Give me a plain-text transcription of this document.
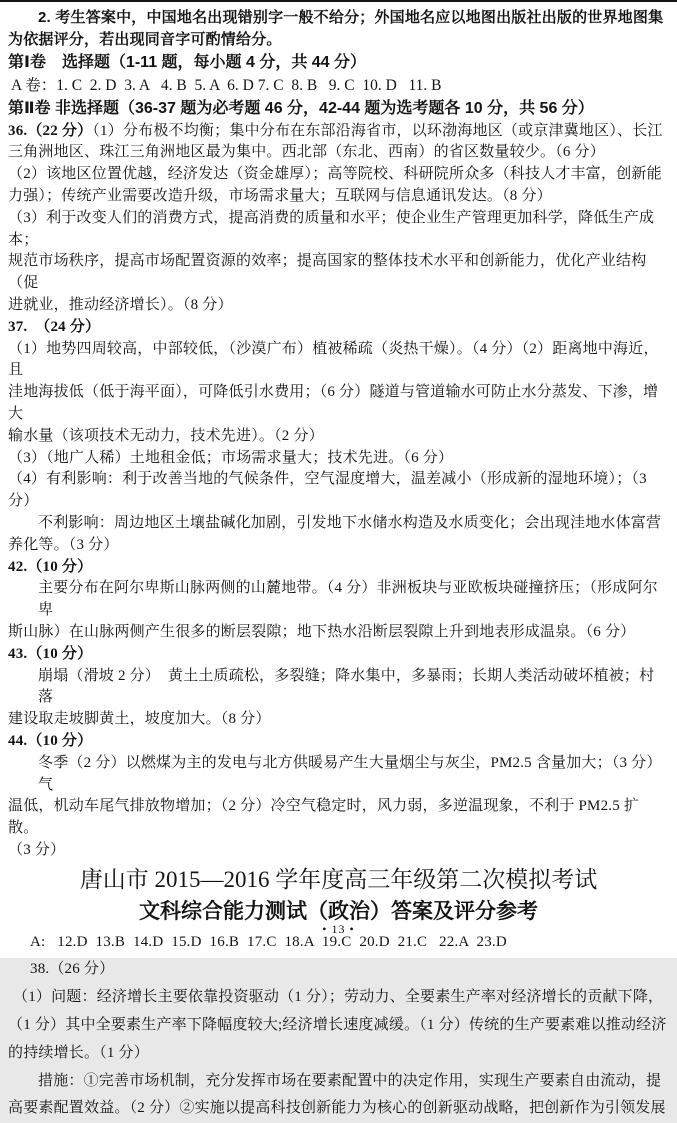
2. 考生答案中，中国地名出现错别字一般不给分；外国地名应以地图出版社出版的世界地图集
为依据评分，若出现同音字可酌情给分。
第Ⅰ卷　选择题（1-11 题，每小题 4 分，共 44 分）
A 卷：1. C  2. D  3. A   4. B  5. A  6. D 7. C  8. B   9. C  10. D   11. B
第Ⅱ卷 非选择题（36-37 题为必考题 46 分，42-44 题为选考题各 10 分，共 56 分）
36.（22 分）（1）分布极不均衡；集中分布在东部沿海省市，以环渤海地区（或京津冀地区）、长江
三角洲地区、珠江三角洲地区最为集中。西北部（东北、西南）的省区数量较少。（6 分）
（2）该地区位置优越，经济发达（资金雄厚）；高等院校、科研院所众多（科技人才丰富，创新能
力强）；传统产业需要改造升级，市场需求量大；互联网与信息通讯发达。（8 分）
（3）利于改变人们的消费方式，提高消费的质量和水平；使企业生产管理更加科学，降低生产成本；
规范市场秩序，提高市场配置资源的效率；提高国家的整体技术水平和创新能力，优化产业结构（促
进就业，推动经济增长）。（8 分）
37.  （24 分）
（1）地势四周较高，中部较低，（沙漠广布）植被稀疏（炎热干燥）。（4 分）（2）距离地中海近，且
洼地海拔低（低于海平面），可降低引水费用；（6 分）隧道与管道输水可防止水分蒸发、下渗，增大
输水量（该项技术无动力，技术先进）。（2 分）
（3）（地广人稀）土地租金低；市场需求量大；技术先进。（6 分）
（4）有利影响：利于改善当地的气候条件，空气湿度增大，温差减小（形成新的湿地环境）；（3 分）
不利影响：周边地区土壤盐碱化加剧，引发地下水储水构造及水质变化；会出现洼地水体富营
养化等。（3 分）
42.（10 分）
主要分布在阿尔卑斯山脉两侧的山麓地带。（4 分）非洲板块与亚欧板块碰撞挤压；（形成阿尔卑
斯山脉）在山脉两侧产生很多的断层裂隙；地下热水沿断层裂隙上升到地表形成温泉。（6 分）
43.（10 分）
崩塌（滑坡 2 分）  黄土土质疏松，多裂缝；降水集中，多暴雨；长期人类活动破坏植被；村落
建设取走坡脚黄土，坡度加大。（8 分）
44.（10 分）
冬季（2 分）以燃煤为主的发电与北方供暖易产生大量烟尘与灰尘，PM2.5 含量加大；（3 分）  气
温低，机动车尾气排放物增加；（2 分）冷空气稳定时，风力弱，多逆温现象，不利于 PM2.5 扩散。
（3 分）
唐山市 2015—2016 学年度高三年级第二次模拟考试
文科综合能力测试（政治）答案及评分参考
A:   12.D  13.B  14.D  15.D  16.B  17.C  18.A  19.C  20.D  21.C   22.A  23.D
38.（26 分）
（1）问题：经济增长主要依靠投资驱动（1 分）；劳动力、全要素生产率对经济增长的贡献下降，
（1 分）其中全要素生产率下降幅度较大;经济增长速度减缓。（1 分）传统的生产要素难以推动经济
的持续增长。（1 分）
措施：①完善市场机制，充分发挥市场在要素配置中的决定作用，实现生产要素自由流动，提
高要素配置效益。（2 分）②实施以提高科技创新能力为核心的创新驱动战略，把创新作为引领发展
• 13 •
